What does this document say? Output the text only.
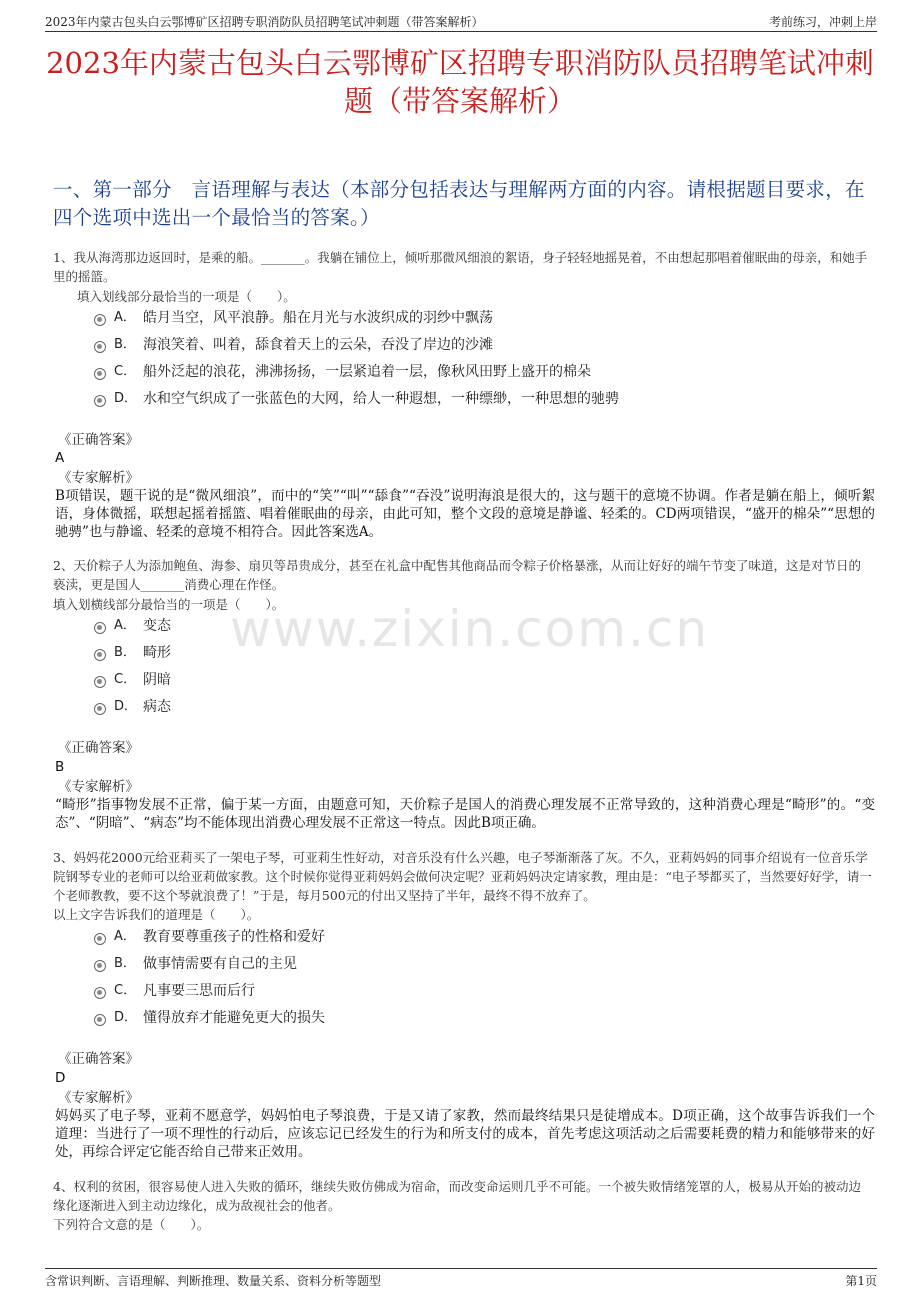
2023年内蒙古包头白云鄂博矿区招聘专职消防队员招聘笔试冲刺题（带答案解析）	考前练习，冲刺上岸
2023年内蒙古包头白云鄂博矿区招聘专职消防队员招聘笔试冲刺题（带答案解析）
一、第一部分　言语理解与表达（本部分包括表达与理解两方面的内容。请根据题目要求，在四个选项中选出一个最恰当的答案。）
www.zixin.com.cn
1、我从海湾那边返回时，是乘的船。_______。我躺在铺位上，倾听那微风细浪的絮语，身子轻轻地摇晃着，不由想起那唱着催眠曲的母亲，和她手里的摇篮。
填入划线部分最恰当的一项是（　　）。
A． 皓月当空，风平浪静。船在月光与水波织成的羽纱中飘荡
B． 海浪笑着、叫着，舔食着天上的云朵，吞没了岸边的沙滩
C． 船外泛起的浪花，沸沸扬扬，一层紧追着一层，像秋风田野上盛开的棉朵
D． 水和空气织成了一张蓝色的大网，给人一种遐想，一种缥缈，一种思想的驰骋
《正确答案》
A
《专家解析》
B项错误，题干说的是“微风细浪”，而中的“笑”“叫”“舔食”“吞没”说明海浪是很大的，这与题干的意境不协调。作者是躺在船上，倾听絮语，身体微摇，联想起摇着摇篮、唱着催眠曲的母亲，由此可知，整个文段的意境是静谧、轻柔的。CD两项错误，“盛开的棉朵”“思想的驰骋”也与静谧、轻柔的意境不相符合。因此答案选A。
2、天价粽子人为添加鲍鱼、海参、扇贝等昂贵成分，甚至在礼盒中配售其他商品而令粽子价格暴涨，从而让好好的端午节变了味道，这是对节日的亵渎，更是国人_______消费心理在作怪。
填入划横线部分最恰当的一项是（　　）。
A． 变态
B． 畸形
C． 阴暗
D． 病态
《正确答案》
B
《专家解析》
“畸形”指事物发展不正常，偏于某一方面，由题意可知，天价粽子是国人的消费心理发展不正常导致的，这种消费心理是“畸形”的。“变态”、“阴暗”、“病态”均不能体现出消费心理发展不正常这一特点。因此B项正确。
3、妈妈花2000元给亚莉买了一架电子琴，可亚莉生性好动，对音乐没有什么兴趣，电子琴渐渐落了灰。不久，亚莉妈妈的同事介绍说有一位音乐学院钢琴专业的老师可以给亚莉做家教。这个时候你觉得亚莉妈妈会做何决定呢？亚莉妈妈决定请家教，理由是：“电子琴都买了，当然要好好学，请一个老师教教，要不这个琴就浪费了！”于是，每月500元的付出又坚持了半年，最终不得不放弃了。
以上文字告诉我们的道理是（　　）。
A． 教育要尊重孩子的性格和爱好
B． 做事情需要有自己的主见
C． 凡事要三思而后行
D． 懂得放弃才能避免更大的损失
《正确答案》
D
《专家解析》
妈妈买了电子琴，亚莉不愿意学，妈妈怕电子琴浪费，于是又请了家教，然而最终结果只是徒增成本。D项正确，这个故事告诉我们一个道理：当进行了一项不理性的行动后，应该忘记已经发生的行为和所支付的成本，首先考虑这项活动之后需要耗费的精力和能够带来的好处，再综合评定它能否给自己带来正效用。
4、权利的贫困，很容易使人进入失败的循环，继续失败仿佛成为宿命，而改变命运则几乎不可能。一个被失败情绪笼罩的人，极易从开始的被动边缘化逐渐进入到主动边缘化，成为敌视社会的他者。
下列符合文意的是（　　）。
含常识判断、言语理解、判断推理、数量关系、资料分析等题型	第1页
